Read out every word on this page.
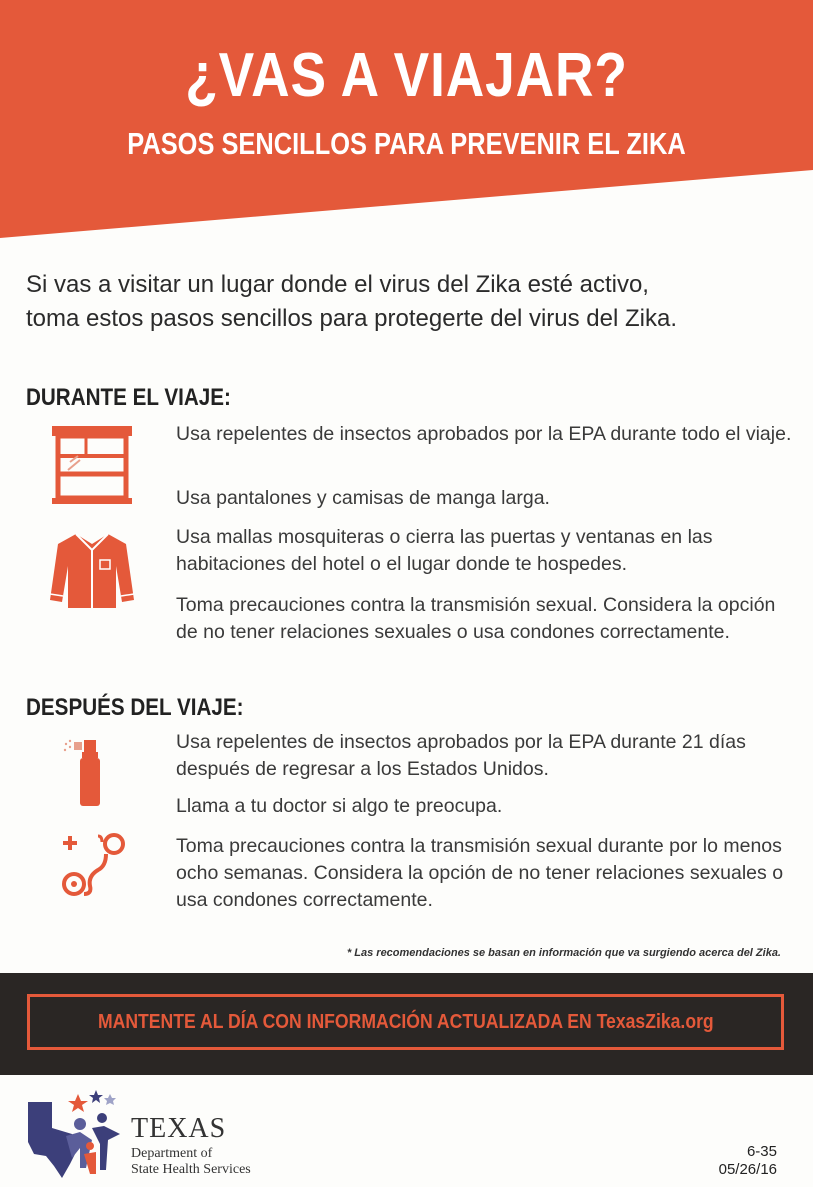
¿VAS A VIAJAR?
PASOS SENCILLOS PARA PREVENIR EL ZIKA
Si vas a visitar un lugar donde el virus del Zika esté activo,
toma estos pasos sencillos para protegerte del virus del Zika.
DURANTE EL VIAJE:
Usa repelentes de insectos aprobados por la EPA durante todo el viaje.
Usa pantalones y camisas de manga larga.
Usa mallas mosquiteras o cierra las puertas y ventanas en las habitaciones del hotel o el lugar donde te hospedes.
Toma precauciones contra la transmisión sexual. Considera la opción de no tener relaciones sexuales o usa condones correctamente.
DESPUÉS DEL VIAJE:
Usa repelentes de insectos aprobados por la EPA durante 21 días después de regresar a los Estados Unidos.
Llama a tu doctor si algo te preocupa.
Toma precauciones contra la transmisión sexual durante por lo menos ocho semanas. Considera la opción de no tener relaciones sexuales o usa condones correctamente.
* Las recomendaciones se basan en información que va surgiendo acerca del Zika.
MANTENTE AL DÍA CON INFORMACIÓN ACTUALIZADA EN TexasZika.org
TEXAS
Department of
State Health Services
6-35
05/26/16
